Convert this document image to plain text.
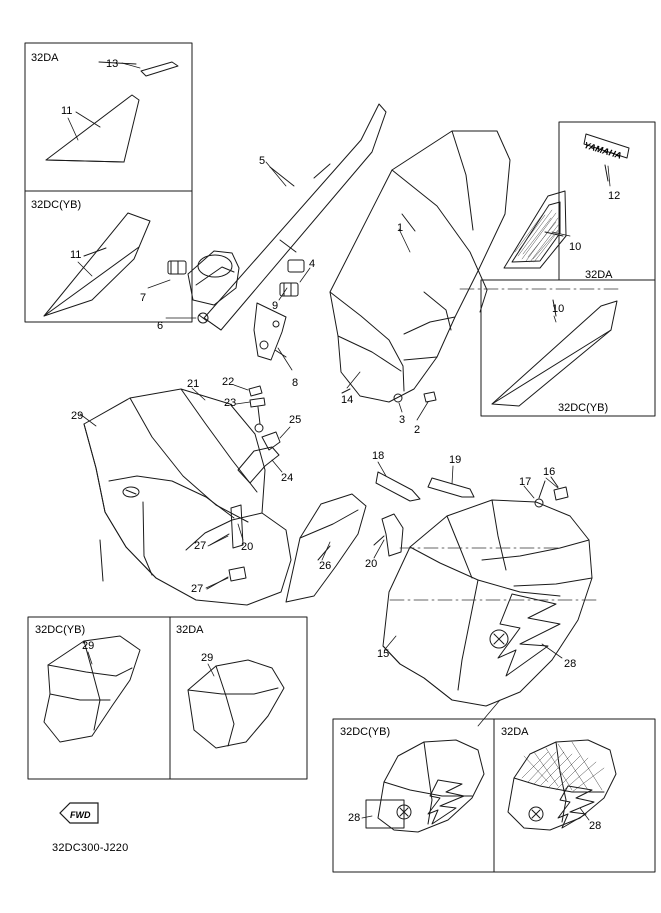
32DA
32DC(YB)
32DA
32DC(YB)
32DC(YB)	32DA
32DC(YB)	32DA
FWD
32DC300-J220
YAMAHA
13
11
11
7
6
5
4
9
8
1
14
3
2
12
10
10
29
21 22
23
25
24
27	20
27
26
18	19
17
16
20
15
28
29
29
28
28
